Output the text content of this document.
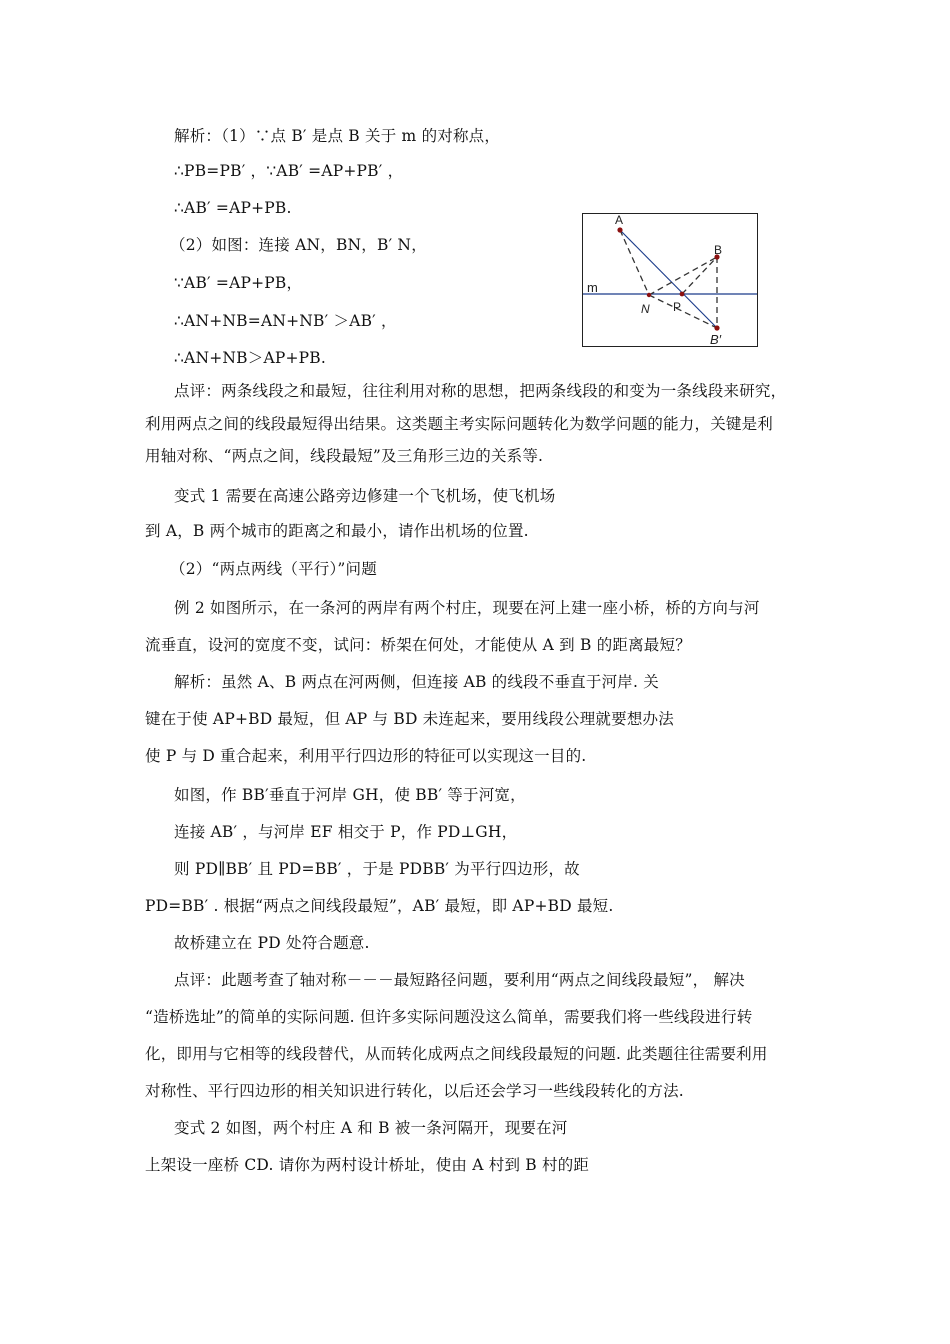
解析：（1）∵点 B′ 是点 B 关于 m 的对称点，
∴PB=PB′ ，∵AB′ =AP+PB′ ，
∴AB′ =AP+PB.
（2）如图：连接 AN，BN，B′ N，
∵AB′ =AP+PB，
∴AN+NB=AN+NB′ ＞AB′ ，
∴AN+NB＞AP+PB.
A
B
m
N P
B′
点评：两条线段之和最短，往往利用对称的思想，把两条线段的和变为一条线段来研究，
利用两点之间的线段最短得出结果。这类题主考实际问题转化为数学问题的能力，关键是利
用轴对称、“两点之间，线段最短”及三角形三边的关系等.
变式 1 需要在高速公路旁边修建一个飞机场，使飞机场
到 A，B 两个城市的距离之和最小，请作出机场的位置.
（2）“两点两线（平行）”问题
例 2 如图所示，在一条河的两岸有两个村庄，现要在河上建一座小桥，桥的方向与河
流垂直，设河的宽度不变，试问：桥架在何处，才能使从 A 到 B 的距离最短？
解析：虽然 A、B 两点在河两侧，但连接 AB 的线段不垂直于河岸. 关
键在于使 AP+BD 最短，但 AP 与 BD 未连起来，要用线段公理就要想办法
使 P 与 D 重合起来，利用平行四边形的特征可以实现这一目的.
如图，作 BB′垂直于河岸 GH，使 BB′ 等于河宽，
连接 AB′ ，与河岸 EF 相交于 P，作 PD⊥GH，
则 PD∥BB′ 且 PD=BB′ ，于是 PDBB′ 为平行四边形，故
PD=BB′ . 根据“两点之间线段最短”，AB′ 最短，即 AP+BD 最短.
故桥建立在 PD 处符合题意.
点评：此题考查了轴对称－－－最短路径问题，要利用“两点之间线段最短”， 解决
“造桥选址”的简单的实际问题. 但许多实际问题没这么简单，需要我们将一些线段进行转
化，即用与它相等的线段替代，从而转化成两点之间线段最短的问题. 此类题往往需要利用
对称性、平行四边形的相关知识进行转化，以后还会学习一些线段转化的方法.
变式 2 如图，两个村庄 A 和 B 被一条河隔开，现要在河
上架设一座桥 CD. 请你为两村设计桥址，使由 A 村到 B 村的距
